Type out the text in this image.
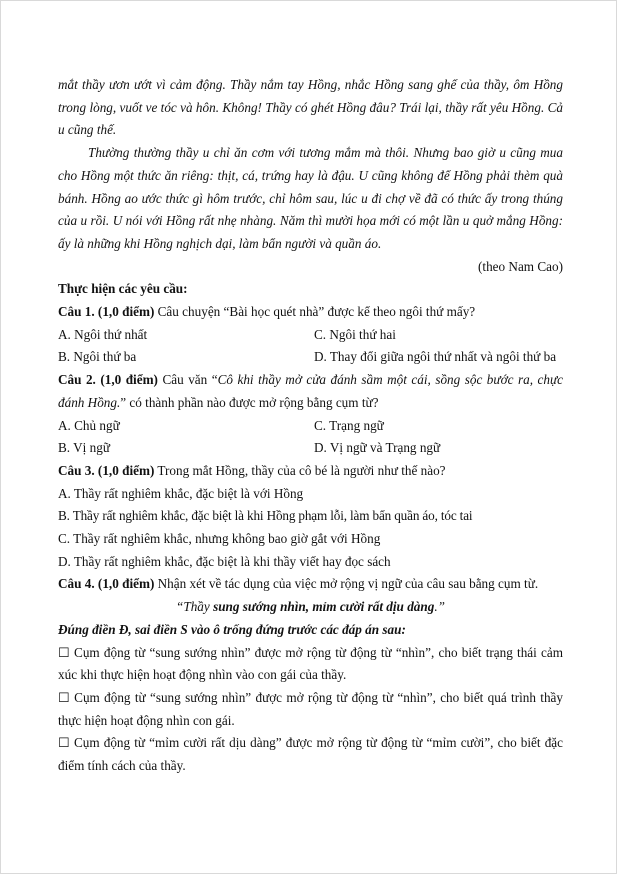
mắt thầy ươn ướt vì cảm động. Thầy nắm tay Hồng, nhắc Hồng sang ghế của thầy, ôm Hồng trong lòng, vuốt ve tóc và hôn. Không! Thầy có ghét Hồng đâu? Trái lại, thầy rất yêu Hồng. Cả u cũng thế.

Thường thường thầy u chỉ ăn cơm với tương mắm mà thôi. Nhưng bao giờ u cũng mua cho Hồng một thức ăn riêng: thịt, cá, trứng hay là đậu. U cũng không để Hồng phải thèm quà bánh. Hồng ao ước thức gì hôm trước, chỉ hôm sau, lúc u đi chợ về đã có thức ấy trong thúng của u rồi. U nói với Hồng rất nhẹ nhàng. Năm thì mười họa mới có một lần u quở mắng Hồng: ấy là những khi Hồng nghịch dại, làm bẩn người và quần áo.

(theo Nam Cao)

Thực hiện các yêu cầu:

Câu 1. (1,0 điểm) Câu chuyện “Bài học quét nhà” được kể theo ngôi thứ mấy?

A. Ngôi thứ nhất	C. Ngôi thứ hai
B. Ngôi thứ ba	D. Thay đổi giữa ngôi thứ nhất và ngôi thứ ba

Câu 2. (1,0 điểm) Câu văn “Cô khi thầy mở cửa đánh sầm một cái, sồng sộc bước ra, chực đánh Hồng.” có thành phần nào được mở rộng bằng cụm từ?

A. Chủ ngữ	C. Trạng ngữ
B. Vị ngữ	D. Vị ngữ và Trạng ngữ

Câu 3. (1,0 điểm) Trong mắt Hồng, thầy của cô bé là người như thế nào?

A. Thầy rất nghiêm khắc, đặc biệt là với Hồng

B. Thầy rất nghiêm khắc, đặc biệt là khi Hồng phạm lỗi, làm bẩn quần áo, tóc tai

C. Thầy rất nghiêm khắc, nhưng không bao giờ gắt với Hồng

D. Thầy rất nghiêm khắc, đặc biệt là khi thầy viết hay đọc sách

Câu 4. (1,0 điểm) Nhận xét về tác dụng của việc mở rộng vị ngữ của câu sau bằng cụm từ.

“Thầy sung sướng nhìn, mỉm cười rất dịu dàng.”

Đúng điền Đ, sai điền S vào ô trống đứng trước các đáp án sau:

☐ Cụm động từ “sung sướng nhìn” được mở rộng từ động từ “nhìn”, cho biết trạng thái cảm xúc khi thực hiện hoạt động nhìn vào con gái của thầy.

☐ Cụm động từ “sung sướng nhìn” được mở rộng từ động từ “nhìn”, cho biết quá trình thầy thực hiện hoạt động nhìn con gái.

☐ Cụm động từ “mỉm cười rất dịu dàng” được mở rộng từ động từ “mỉm cười”, cho biết đặc điểm tính cách của thầy.
